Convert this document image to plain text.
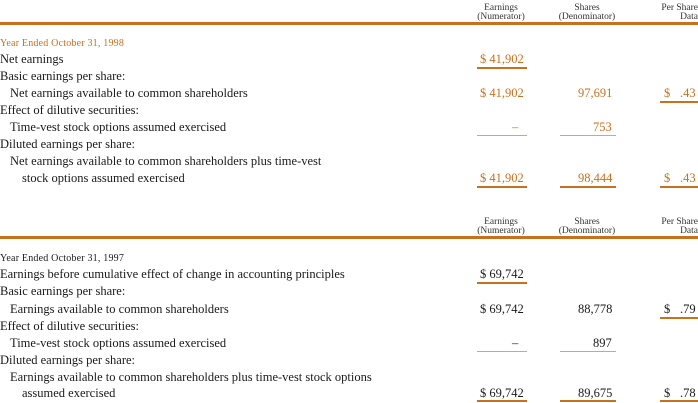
Earnings
(Numerator)
Shares
(Denominator)
Per Share
Data
Year Ended October 31, 1998
Net earnings	$ 41,902
Basic earnings per share:
Net earnings available to common shareholders	$ 41,902	97,691	$ .43
Effect of dilutive securities:
Time-vest stock options assumed exercised	–	753
Diluted earnings per share:
Net earnings available to common shareholders plus time-vest
stock options assumed exercised	$ 41,902	98,444	$ .43
Earnings
(Numerator)
Shares
(Denominator)
Per Share
Data
Year Ended October 31, 1997
Earnings before cumulative effect of change in accounting principles	$ 69,742
Basic earnings per share:
Earnings available to common shareholders	$ 69,742	88,778	$ .79
Effect of dilutive securities:
Time-vest stock options assumed exercised	–	897
Diluted earnings per share:
Earnings available to common shareholders plus time-vest stock options
assumed exercised	$ 69,742	89,675	$ .78
